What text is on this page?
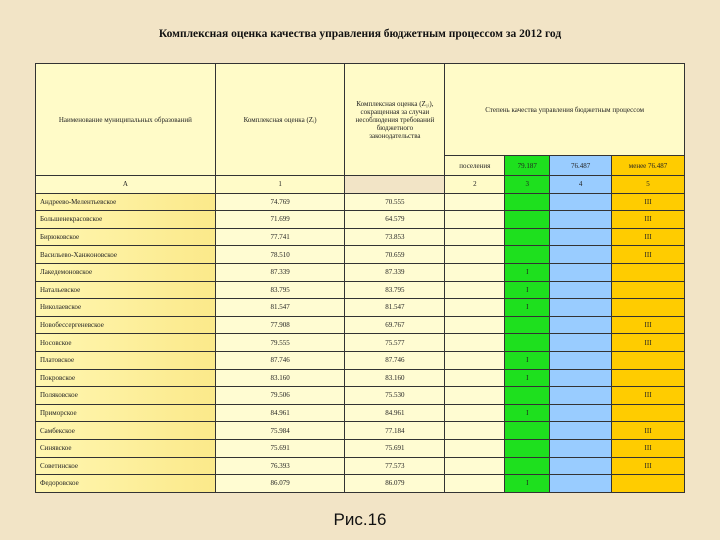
Комплексная оценка качества управления бюджетным процессом за 2012 год
Наименование муниципальных образований	Комплексная оценка (Zᵢ)	Комплексная оценка (Z₁ᵢ), сокращенная за случаи несоблюдения требований бюджетного законодательства	Степень качества управления бюджетным процессом			
			поселения	79.187	76.487	менее 76.487
А	1		2	3	4	5
Андреево-Мелентьевское	74.769	70.555				III
Большенекрасовское	71.699	64.579				III
Бирюковское	77.741	73.853				III
Васильево-Ханжоновское	78.510	70.659				III
Лакедемоновское	87.339	87.339		I		
Натальевское	83.795	83.795		I		
Николаевское	81.547	81.547		I		
Новобессергеневское	77.908	69.767				III
Носовское	79.555	75.577				III
Платовское	87.746	87.746		I		
Покровское	83.160	83.160		I		
Поляковское	79.506	75.530				III
Приморское	84.961	84.961		I		
Самбекское	75.984	77.184				III
Синявское	75.691	75.691				III
Советинское	76.393	77.573				III
Федоровское	86.079	86.079		I		
Рис.16
